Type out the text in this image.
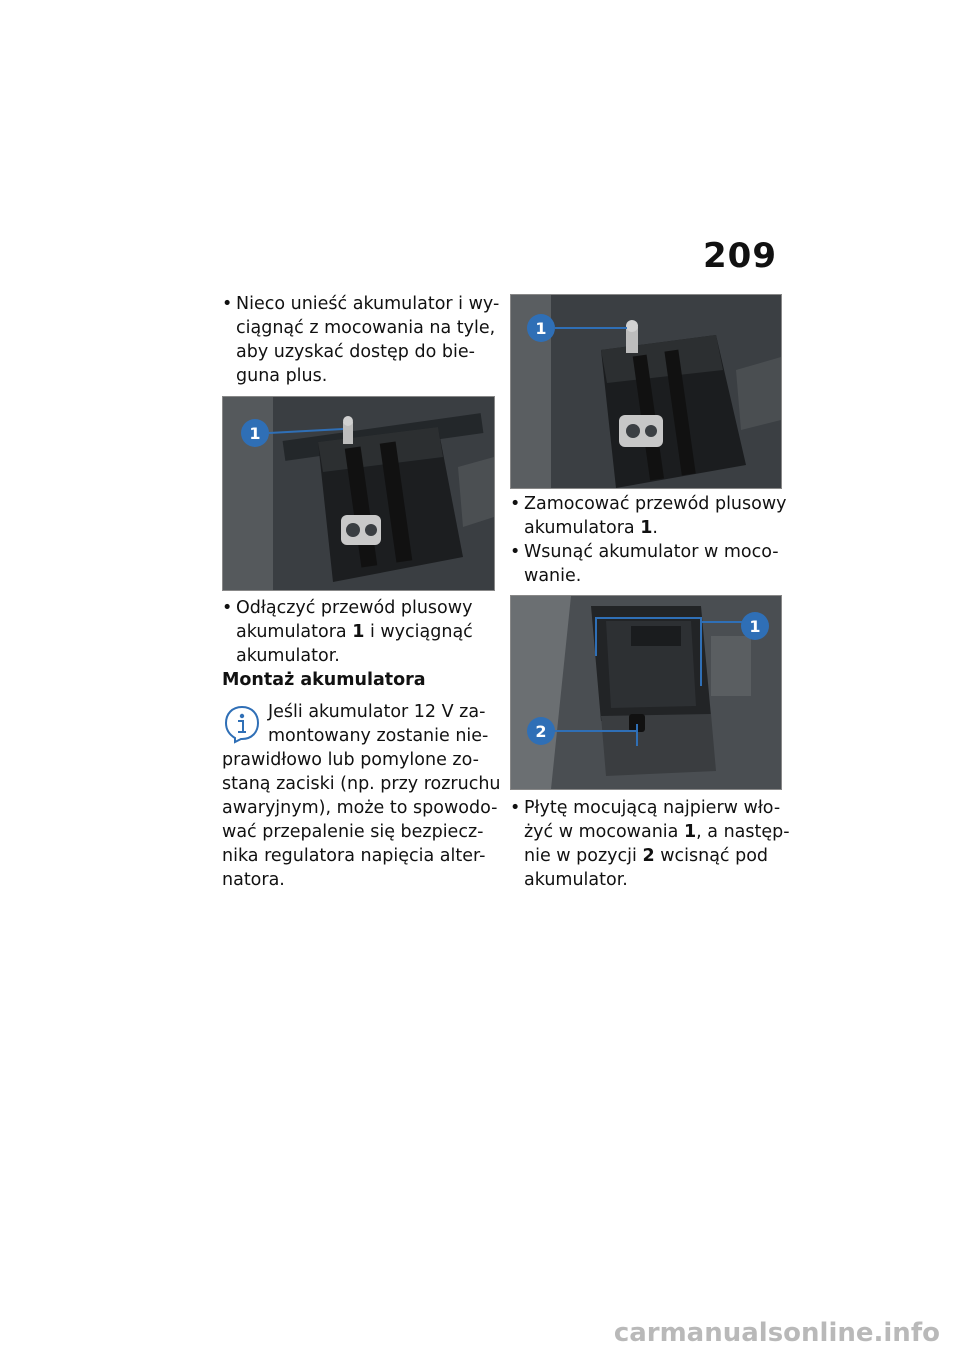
209
• Nieco unieść akumulator i wy-
ciągnąć z mocowania na tyle,
aby uzyskać dostęp do bie-
guna plus.
1
• Odłączyć przewód plusowy
akumulatora 1 i wyciągnąć
akumulator.
Montaż akumulatora
Jeśli akumulator 12 V za-
montowany zostanie nie-
prawidłowo lub pomylone zo-
staną zaciski (np. przy rozruchu
awaryjnym), może to spowodo-
wać przepalenie się bezpiecz-
nika regulatora napięcia alter-
natora.
1
• Zamocować przewód plusowy
akumulatora 1.
• Wsunąć akumulator w moco-
wanie.
1
2
• Płytę mocującą najpierw wło-
żyć w mocowania 1, a następ-
nie w pozycji 2 wcisnąć pod
akumulator.
carmanualsonline.info
